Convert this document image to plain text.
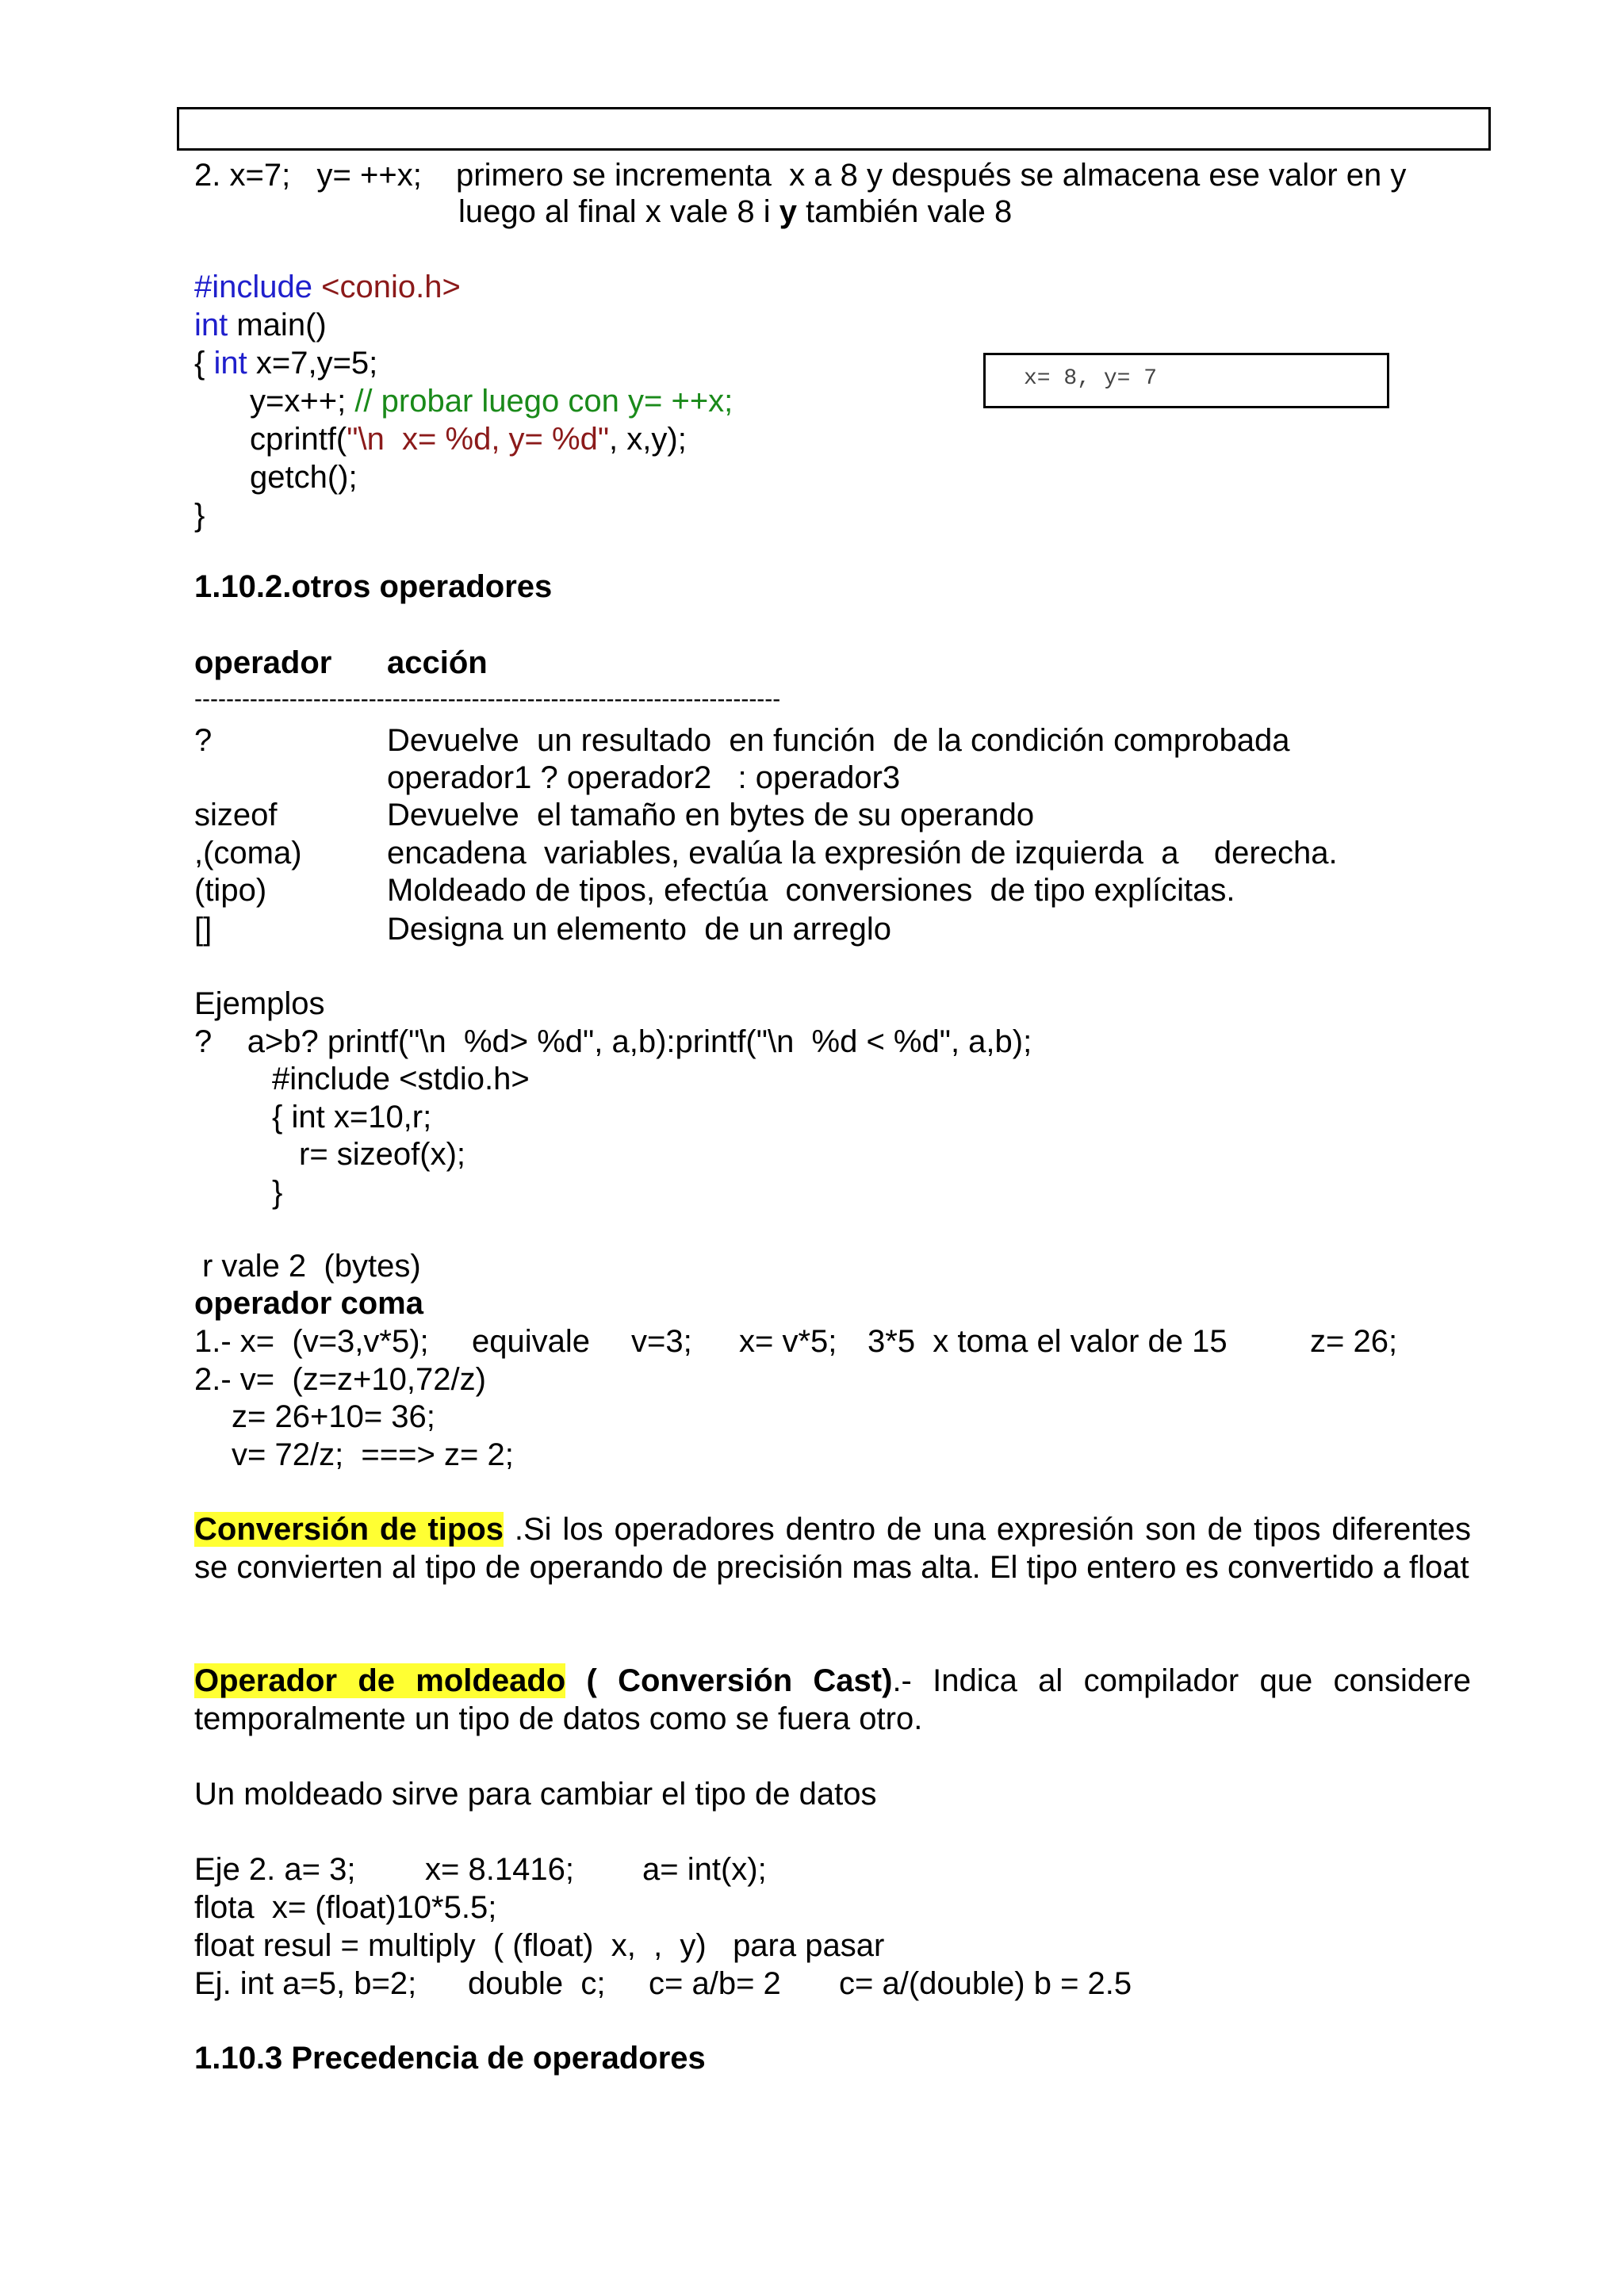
2. x=7;   y= ++x; primero se incrementa  x a 8 y después se almacena ese valor en y
luego al final x vale 8 i y también vale 8
#include <conio.h>
int main()
{ int x=7,y=5;
y=x++; // probar luego con y= ++x;
cprintf("\n  x= %d, y= %d", x,y);
getch();
}
x= 8, y= 7
1.10.2.otros operadores
operador acción
--------------------------------------------------------------------------
?	Devuelve  un resultado  en función  de la condición comprobada
operador1 ? operador2   : operador3
sizeof	Devuelve  el tamaño en bytes de su operando
,(coma)	encadena  variables, evalúa la expresión de izquierda  a    derecha.
(tipo)	Moldeado de tipos, efectúa  conversiones  de tipo explícitas.
[]	Designa un elemento  de un arreglo
Ejemplos
?    a>b? printf("\n  %d> %d", a,b):printf("\n  %d < %d", a,b);
#include <stdio.h>
{ int x=10,r;
r= sizeof(x);
}
r vale 2  (bytes)
operador coma
1.- x=  (v=3,v*5); equivale v=3; x= v*5; 3*5  x toma el valor de 15	z= 26;
2.- v=  (z=z+10,72/z)
z= 26+10= 36;
v= 72/z;  ===> z= 2;
Conversión de tipos .Si los operadores dentro de una expresión son de tipos diferentes se convierten al tipo de operando de precisión mas alta. El tipo entero es convertido a float
Operador de moldeado ( Conversión Cast).- Indica al compilador que considere temporalmente un tipo de datos como se fuera otro.
Un moldeado sirve para cambiar el tipo de datos
Eje 2. a= 3; x= 8.1416; a= int(x);
flota  x= (float)10*5.5;
float resul = multiply  ( (float)  x,  ,  y)   para pasar
Ej. int a=5, b=2; double  c; c= a/b= 2 c= a/(double) b = 2.5
1.10.3 Precedencia de operadores
